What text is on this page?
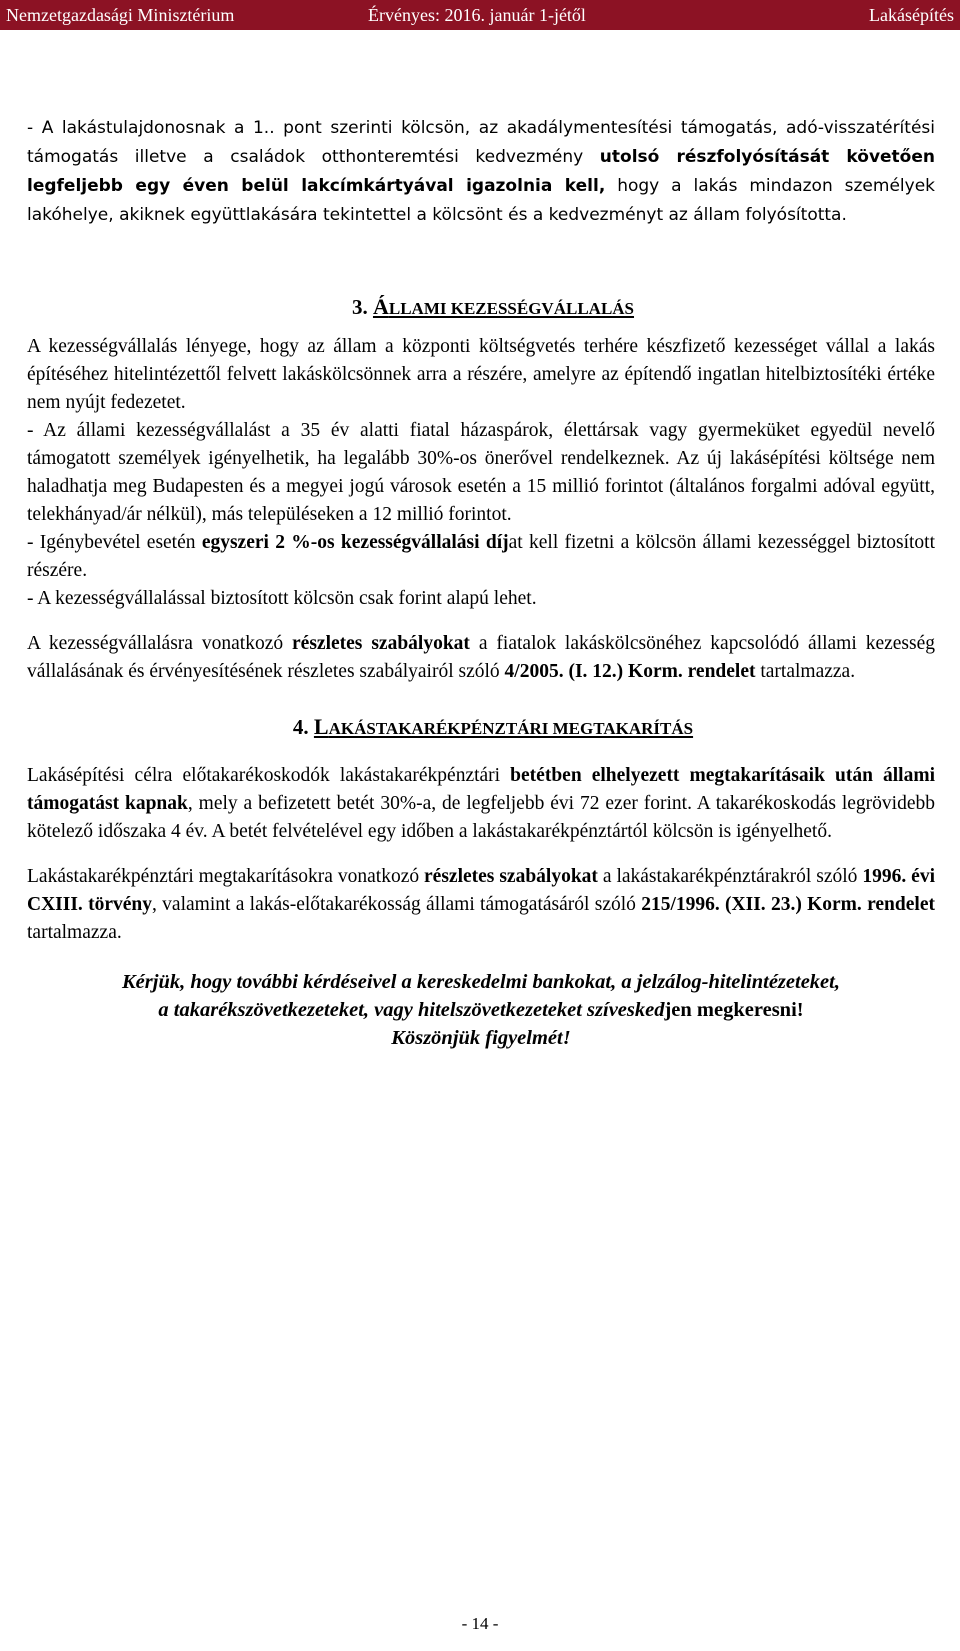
Nemzetgazdasági Minisztérium	Érvényes: 2016. január 1-jétől	Lakásépítés

- A lakástulajdonosnak a 1.. pont szerinti kölcsön, az akadálymentesítési támogatás, adó-visszatérítési támogatás illetve a családok otthonteremtési kedvezmény utolsó részfolyósítását követően legfeljebb egy éven belül lakcímkártyával igazolnia kell, hogy a lakás mindazon személyek lakóhelye, akiknek együttlakására tekintettel a kölcsönt és a kedvezményt az állam folyósította.

3. ÁLLAMI KEZESSÉGVÁLLALÁS

A kezességvállalás lényege, hogy az állam a központi költségvetés terhére készfizető kezességet vállal a lakás építéséhez hitelintézettől felvett lakáskölcsönnek arra a részére, amelyre az építendő ingatlan hitelbiztosítéki értéke nem nyújt fedezetet.

- Az állami kezességvállalást a 35 év alatti fiatal házaspárok, élettársak vagy gyermeküket egyedül nevelő támogatott személyek igényelhetik, ha legalább 30%-os önerővel rendelkeznek. Az új lakásépítési költsége nem haladhatja meg Budapesten és a megyei jogú városok esetén a 15 millió forintot (általános forgalmi adóval együtt, telekhányad/ár nélkül), más településeken a 12 millió forintot.

- Igénybevétel esetén egyszeri 2 %-os kezességvállalási díjat kell fizetni a kölcsön állami kezességgel biztosított részére.

- A kezességvállalással biztosított kölcsön csak forint alapú lehet.

A kezességvállalásra vonatkozó részletes szabályokat a fiatalok lakáskölcsönéhez kapcsolódó állami kezesség vállalásának és érvényesítésének részletes szabályairól szóló 4/2005. (I. 12.) Korm. rendelet tartalmazza.

4. LAKÁSTAKARÉKPÉNZTÁRI MEGTAKARÍTÁS

Lakásépítési célra előtakarékoskodók lakástakarékpénztári betétben elhelyezett megtakarításaik után állami támogatást kapnak, mely a befizetett betét 30%-a, de legfeljebb évi 72 ezer forint. A takarékoskodás legrövidebb kötelező időszaka 4 év. A betét felvételével egy időben a lakástakarékpénztártól kölcsön is igényelhető.

Lakástakarékpénztári megtakarításokra vonatkozó részletes szabályokat a lakástakarékpénztárakról szóló 1996. évi CXIII. törvény, valamint a lakás-előtakarékosság állami támogatásáról szóló 215/1996. (XII. 23.) Korm. rendelet tartalmazza.

Kérjük, hogy további kérdéseivel a kereskedelmi bankokat, a jelzálog-hitelintézeteket,

a takarékszövetkezeteket, vagy hitelszövetkezeteket szíveskedjen megkeresni!

Köszönjük figyelmét!

- 14 -
